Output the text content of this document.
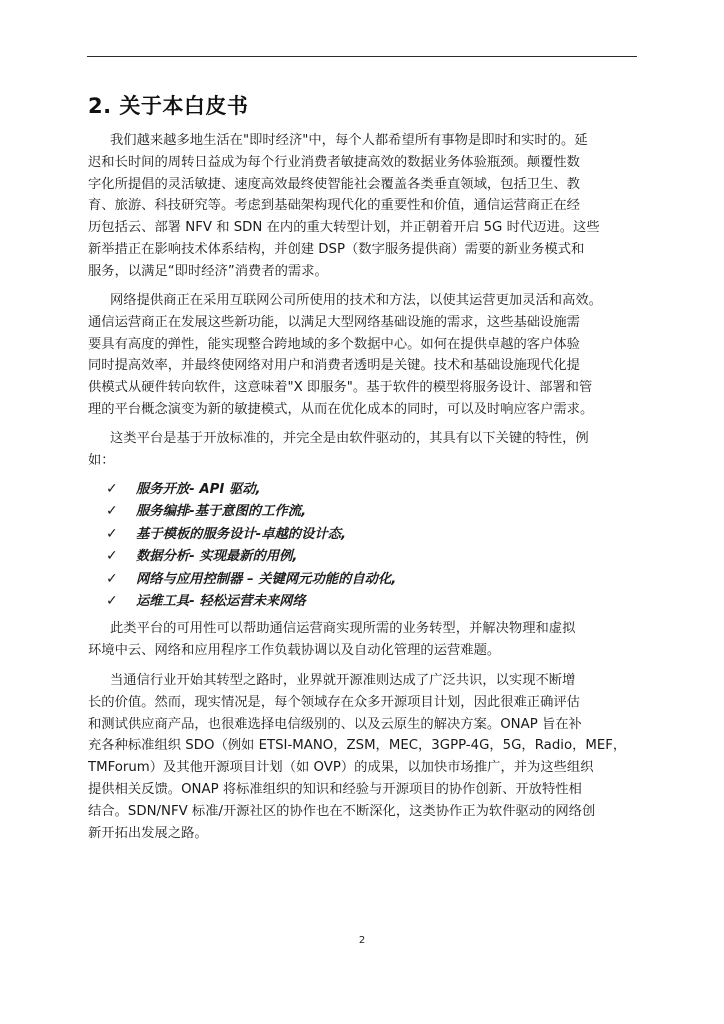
2. 关于本白皮书
我们越来越多地生活在"即时经济"中，每个人都希望所有事物是即时和实时的。延
迟和长时间的周转日益成为每个行业消费者敏捷高效的数据业务体验瓶颈。颠覆性数
字化所提倡的灵活敏捷、速度高效最终使智能社会覆盖各类垂直领域，包括卫生、教
育、旅游、科技研究等。考虑到基础架构现代化的重要性和价值，通信运营商正在经
历包括云、部署 NFV 和 SDN 在内的重大转型计划，并正朝着开启 5G 时代迈进。这些
新举措正在影响技术体系结构，并创建 DSP（数字服务提供商）需要的新业务模式和
服务，以满足“即时经济”消费者的需求。
网络提供商正在采用互联网公司所使用的技术和方法，以使其运营更加灵活和高效。
通信运营商正在发展这些新功能，以满足大型网络基础设施的需求，这些基础设施需
要具有高度的弹性，能实现整合跨地域的多个数据中心。如何在提供卓越的客户体验
同时提高效率，并最终使网络对用户和消费者透明是关键。技术和基础设施现代化提
供模式从硬件转向软件，这意味着"X 即服务"。基于软件的模型将服务设计、部署和管
理的平台概念演变为新的敏捷模式，从而在优化成本的同时，可以及时响应客户需求。
这类平台是基于开放标准的，并完全是由软件驱动的，其具有以下关键的特性，例
如：
✓ 服务开放- API 驱动,
✓ 服务编排-基于意图的工作流,
✓ 基于模板的服务设计-卓越的设计态,
✓ 数据分析- 实现最新的用例,
✓ 网络与应用控制器 – 关键网元功能的自动化,
✓ 运维工具- 轻松运营未来网络
此类平台的可用性可以帮助通信运营商实现所需的业务转型，并解决物理和虚拟
环境中云、网络和应用程序工作负载协调以及自动化管理的运营难题。
当通信行业开始其转型之路时，业界就开源准则达成了广泛共识，以实现不断增
长的价值。然而，现实情况是，每个领域存在众多开源项目计划，因此很难正确评估
和测试供应商产品，也很难选择电信级别的、以及云原生的解决方案。ONAP 旨在补
充各种标准组织 SDO（例如 ETSI-MANO，ZSM，MEC，3GPP-4G，5G，Radio，MEF，
TMForum）及其他开源项目计划（如 OVP）的成果，以加快市场推广，并为这些组织
提供相关反馈。ONAP 将标准组织的知识和经验与开源项目的协作创新、开放特性相
结合。SDN/NFV 标准/开源社区的协作也在不断深化，这类协作正为软件驱动的网络创
新开拓出发展之路。
2
